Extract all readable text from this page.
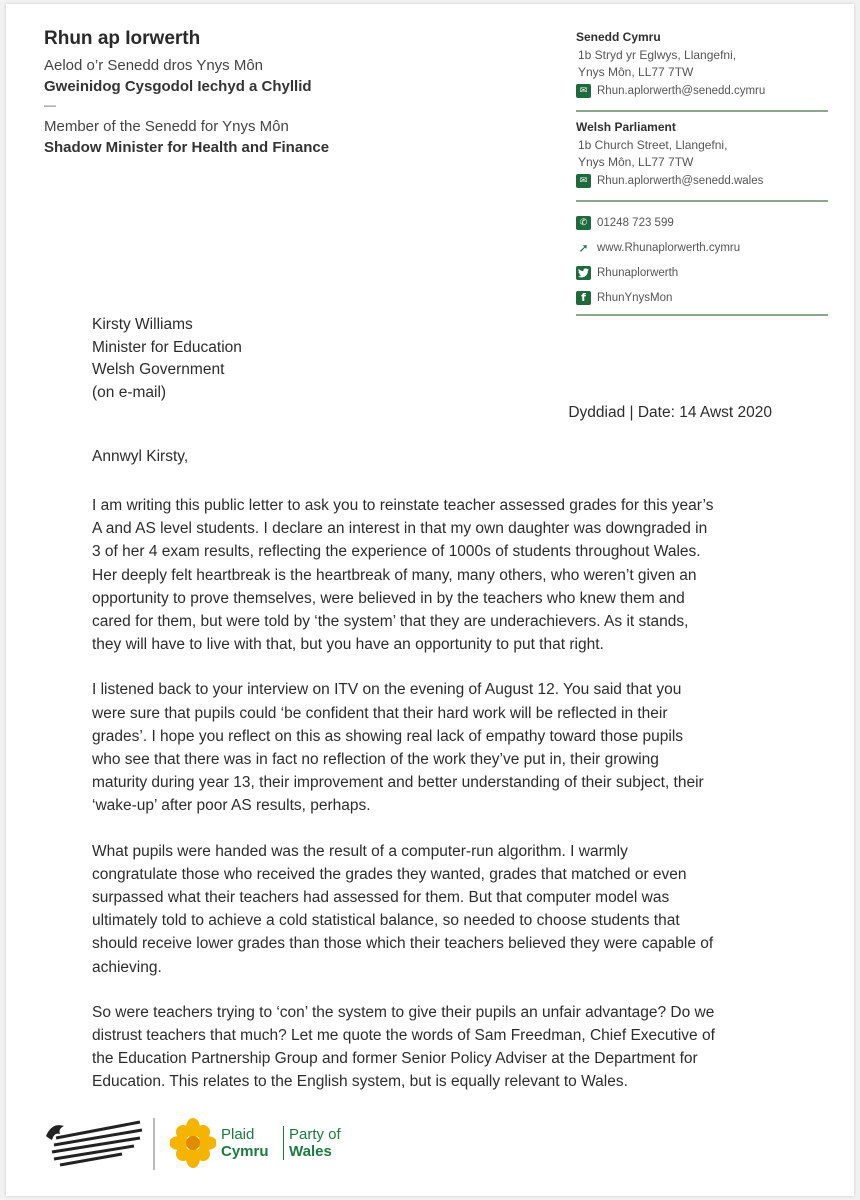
Rhun ap Iorwerth
Aelod o’r Senedd dros Ynys Môn
Gweinidog Cysgodol Iechyd a Chyllid
—
Member of the Senedd for Ynys Môn
Shadow Minister for Health and Finance
Senedd Cymru
1b Stryd yr Eglwys, Llangefni,
Ynys Môn, LL77 7TW
✉ Rhun.aplorwerth@senedd.cymru
Welsh Parliament
1b Church Street, Llangefni,
Ynys Môn, LL77 7TW
✉ Rhun.aplorwerth@senedd.wales
✆ 01248 723 599
➚ www.Rhunaplorwerth.cymru
Rhunaplorwerth
f RhunYnysMon
Kirsty Williams
Minister for Education
Welsh Government
(on e-mail)
Dyddiad | Date: 14 Awst 2020
Annwyl Kirsty,

I am writing this public letter to ask you to reinstate teacher assessed grades for this year’s
A and AS level students. I declare an interest in that my own daughter was downgraded in
3 of her 4 exam results, reflecting the experience of 1000s of students throughout Wales.
Her deeply felt heartbreak is the heartbreak of many, many others, who weren’t given an
opportunity to prove themselves, were believed in by the teachers who knew them and
cared for them, but were told by ‘the system’ that they are underachievers. As it stands,
they will have to live with that, but you have an opportunity to put that right.

I listened back to your interview on ITV on the evening of August 12. You said that you
were sure that pupils could ‘be confident that their hard work will be reflected in their
grades’. I hope you reflect on this as showing real lack of empathy toward those pupils
who see that there was in fact no reflection of the work they’ve put in, their growing
maturity during year 13, their improvement and better understanding of their subject, their
‘wake-up’ after poor AS results, perhaps.

What pupils were handed was the result of a computer-run algorithm. I warmly
congratulate those who received the grades they wanted, grades that matched or even
surpassed what their teachers had assessed for them. But that computer model was
ultimately told to achieve a cold statistical balance, so needed to choose students that
should receive lower grades than those which their teachers believed they were capable of
achieving.

So were teachers trying to ‘con’ the system to give their pupils an unfair advantage? Do we
distrust teachers that much? Let me quote the words of Sam Freedman, Chief Executive of
the Education Partnership Group and former Senior Policy Adviser at the Department for
Education. This relates to the English system, but is equally relevant to Wales.

Plaid
Cymru
Party of
Wales
